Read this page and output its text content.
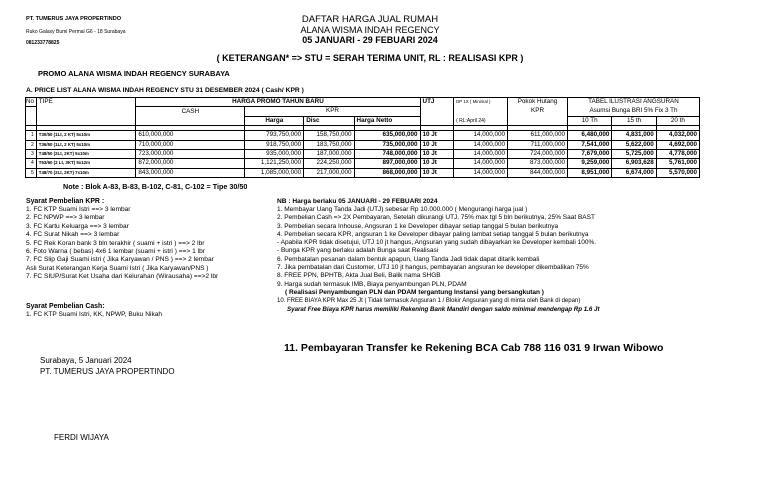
PT. TUMERUS JAYA PROPERTINDO
Ruko Galaxy Bumi Permai G6 - 18 Surabaya
081233778825
DAFTAR HARGA JUAL RUMAH
ALANA WISMA INDAH REGENCY
05 JANUARI - 29 FEBUARI 2024
( KETERANGAN* => STU = SERAH TERIMA UNIT, RL : REALISASI KPR )
PROMO ALANA WISMA INDAH REGENCY SURABAYA
A. PRICE LIST ALANA WISMA INDAH REGENCY STU 31 DESEMBER 2024 ( Cash/ KPR )
No	TIPE	HARGA PROMO TAHUN BARU				UTJ	DP 1X ( Minimal )	Pokok Hutang	TABEL ILUSTRASI ANGSURAN		
		CASH	KPR					KPR	Asumsi Bunga BRI 5% Fix 3 Th		
			Harga	Disc	Harga Netto		( RL:April 24)		10 Th	15 th	20 th

1	T30/50 (1Lt, 2 KT) 5x10m	610,000,000	793,750,000	158,750,000	635,000,000	10 Jt	14,000,000	611,000,000	6,480,000	4,831,000	4,032,000
2	T36/50 (1Lt, 2 KT) 5x10m	710,000,000	918,750,000	183,750,000	735,000,000	10 Jt	14,000,000	711,000,000	7,541,000	5,622,000	4,692,000
3	T48/50 (2Lt, 2KT) 5x10m	723,000,000	935,000,000	187,000,000	748,000,000	10 Jt	14,000,000	724,000,000	7,679,000	5,725,000	4,778,000
4	T63/60 (2 Lt, 3KT) 5x12m	872,000,000	1,121,250,000	224,250,000	897,000,000	10 Jt	14,000,000	873,000,000	9,259,000	6,903,628	5,761,000
5	T48/70 (2Lt, 2KT) 7x10m	843,000,000	1,085,000,000	217,000,000	868,000,000	10 Jt	14,000,000	844,000,000	8,951,000	6,674,000	5,570,000
Note : Blok A-83, B-83, B-102, C-81, C-102 = Tipe 30/50
Syarat Pembelian KPR :
1. FC KTP Suami Istri ==> 3 lembar
2. FC NPWP ==> 3 lembar
3. FC Kartu Keluarga ==> 3 lembar
4. FC Surat Nikah ==> 3 lembar
5. FC Rek Koran bank 3 bln terakhir ( suami + istri ) ==> 2 lbr
6. Foto Warna ( bebas) 4x6 1 lembar (suami + istri ) ==> 1 lbr
7. FC Slip Gaji Suami istri ( Jika Karyawan / PNS ) ==> 2 lembar
Asli Surat Keterangan Kerja Suami Istri ( Jika Karyawan/PNS )
7. FC SIUP/Surat Ket Usaha dari Kelurahan (Wirausaha) ==>2 lbr
Syarat Pembelian Cash:
1. FC KTP Suami Istri, KK, NPWP, Buku Nikah
NB : Harga berlaku 05 JANUARI - 29 FEBUARI 2024
1. Membayar Uang Tanda Jadi (UTJ) sebesar Rp 10.000.000 ( Mengurangi harga jual )
2. Pembelian Cash => 2X Pembayaran, Setelah dikurangi UTJ. 75% max tgl 5 bln berikutnya, 25% Saat BAST
3. Pembelian secara Inhouse, Angsuran 1 ke Developer dibayar setiap tanggal 5 bulan berikutnya
4. Pembelian secara KPR, angsuran 1 ke Developer dibayar paling lambat setiap tanggal 5 bulan berikutnya
- Apabila KPR tidak disetujui, UTJ 10 jt hangus, Angsuran yang sudah dibayarkan ke Developer kembali 100%.
- Bunga KPR yang berlaku adalah Bunga saat Realisasi
6. Pembatalan pesanan dalam bentuk apapun, Uang Tanda Jadi tidak dapat ditarik kembali
7. Jika pembatalan dari Customer, UTJ 10 jt hangus, pembayaran angsuran ke developer dikembalikan 75%
8. FREE PPN, BPHTB, Akta Jual Beli, Balik nama SHGB
9. Harga sudah termasuk IMB, Biaya penyambungan PLN, PDAM
( Realisasi Penyambungan PLN dan PDAM tergantung Instansi yang bersangkutan )
10. FREE BIAYA KPR Max 25 Jt ( Tidak termasuk Angsuran 1 / Blokir Angsuran yang di minta oleh Bank di depan)
Syarat Free Biaya KPR harus memiliki Rekening Bank Mandiri dengan saldo minimal mendengap Rp 1.6 Jt
11. Pembayaran Transfer ke Rekening BCA Cab 788 116 031 9 Irwan Wibowo
Surabaya, 5 Januari 2024
PT. TUMERUS JAYA PROPERTINDO
FERDI WIJAYA
